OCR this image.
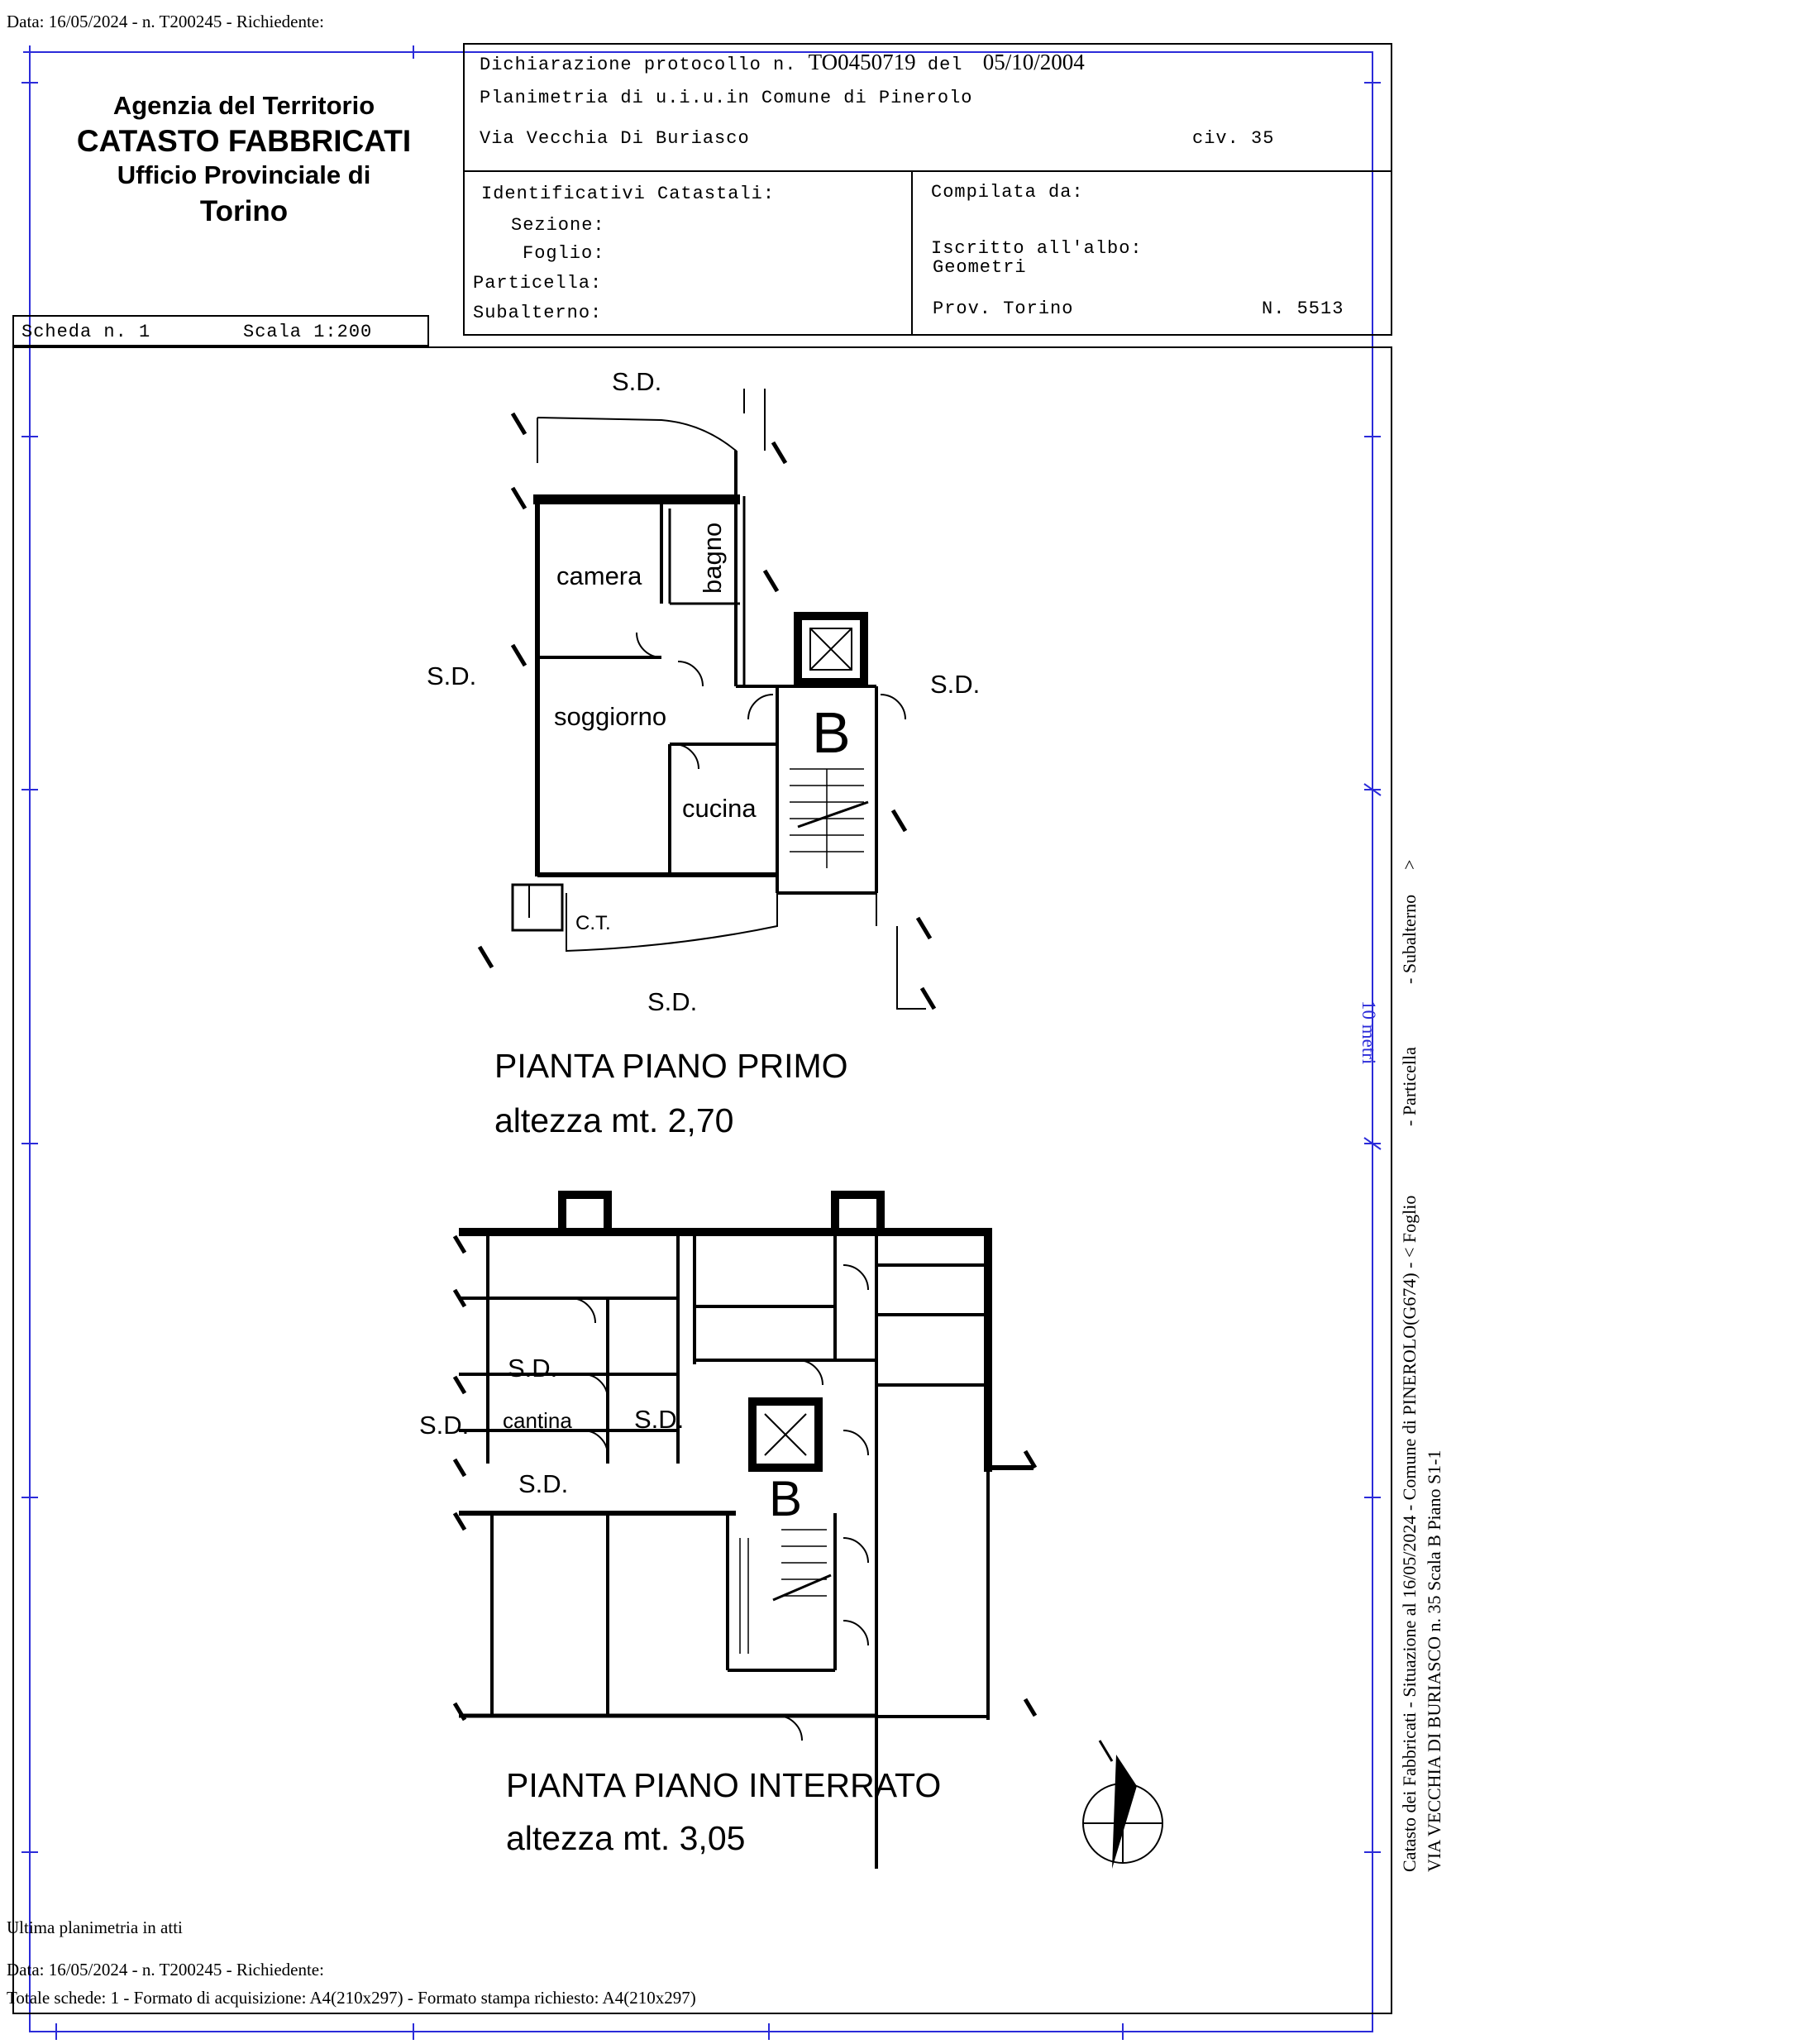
Data: 16/05/2024 - n. T200245 - Richiedente:
10 metri
Agenzia del Territorio
CATASTO FABBRICATI
Ufficio Provinciale di
Torino
Scheda n. 1	Scala 1:200
Dichiarazione protocollo n. TO0450719 del 05/10/2004
Planimetria di u.i.u.in Comune di Pinerolo
Via Vecchia Di Buriasco	civ. 35
Identificativi Catastali:
Sezione:
Foglio:
Particella:
Subalterno:
Compilata da:
Iscritto all'albo:
Geometri
Prov. Torino	N. 5513
S.D.
S.D.	S.D.
S.D.
camera
soggiorno
cucina
C.T.
B
bagno
PIANTA PIANO PRIMO
altezza mt. 2,70
S.D.
S.D.	S.D.
S.D.
cantina
B
PIANTA PIANO INTERRATO
altezza mt. 3,05	Catasto dei Fabbricati - Situazione al 16/05/2024 - Comune di PINEROLO(G674) - < Foglio
- Particella
- Subalterno
>
VIA VECCHIA DI BURIASCO n. 35 Scala B Piano S1-1
Ultima planimetria in atti
Data: 16/05/2024 - n. T200245 - Richiedente:
Totale schede: 1 - Formato di acquisizione: A4(210x297) - Formato stampa richiesto: A4(210x297)
